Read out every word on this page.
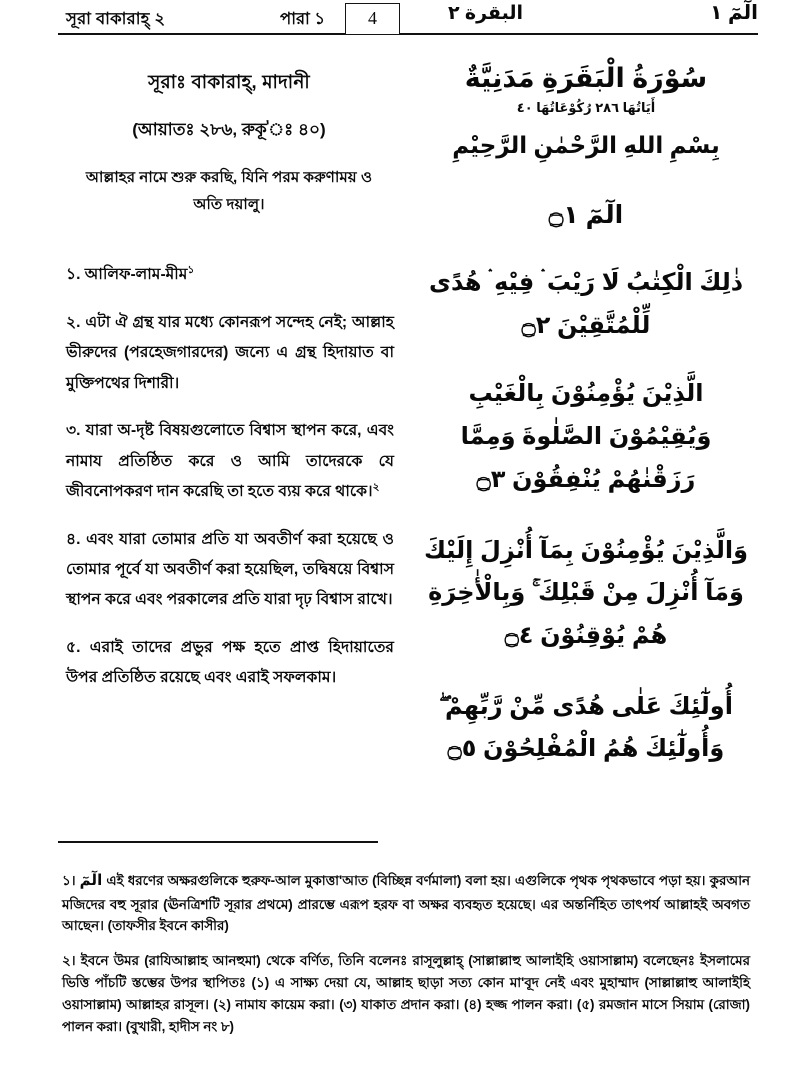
সূরা বাকারাহ্ ২	পারা ১	4	البقرة ٢	الٓمٓ ١
সূরাঃ বাকারাহ্, মাদানী
(আয়াতঃ ২৮৬, রুকূ'ঃ ৪০)
আল্লাহর নামে শুরু করছি, যিনি পরম করুণাময় ও অতি দয়ালু।

১. আলিফ-লাম-মীম$^১$

২. এটা ঐ গ্রন্থ যার মধ্যে কোনরূপ সন্দেহ নেই; আল্লাহ ভীরুদের (পরহেজগারদের) জন্যে এ গ্রন্থ হিদায়াত বা মুক্তিপথের দিশারী।

৩. যারা অ-দৃষ্ট বিষয়গুলোতে বিশ্বাস স্থাপন করে, এবং নামায প্রতিষ্ঠিত করে ও আমি তাদেরকে যে জীবনোপকরণ দান করেছি তা হতে ব্যয় করে থাকে।$^২$

৪. এবং যারা তোমার প্রতি যা অবতীর্ণ করা হয়েছে ও তোমার পূর্বে যা অবতীর্ণ করা হয়েছিল, তদ্বিষয়ে বিশ্বাস স্থাপন করে এবং পরকালের প্রতি যারা দৃঢ় বিশ্বাস রাখে।

৫. এরাই তাদের প্রভুর পক্ষ হতে প্রাপ্ত হিদায়াতের উপর প্রতিষ্ঠিত রয়েছে এবং এরাই সফলকাম।

سُوْرَةُ الْبَقَرَةِ مَدَنِيَّةٌ
أَيَاتُهَا ٢٨٦ رُكُوْعَاتُهَا ٤٠
بِسْمِ اللهِ الرَّحْمٰنِ الرَّحِيْمِ

الٓمٓ ۝١

ذٰلِكَ الْكِتٰبُ لَا رَيْبَ ۛ فِيْهِ ۛ هُدًى لِّلْمُتَّقِيْنَ ۝٢

الَّذِيْنَ يُؤْمِنُوْنَ بِالْغَيْبِ وَيُقِيْمُوْنَ الصَّلٰوةَ وَمِمَّا رَزَقْنٰهُمْ يُنْفِقُوْنَ ۝٣

وَالَّذِيْنَ يُؤْمِنُوْنَ بِمَآ أُنْزِلَ إِلَيْكَ وَمَآ أُنْزِلَ مِنْ قَبْلِكَ ۚ وَبِالْأٰخِرَةِ هُمْ يُوْقِنُوْنَ ۝٤

أُولٰٓئِكَ عَلٰى هُدًى مِّنْ رَّبِّهِمْ ۖ وَأُولٰٓئِكَ هُمُ الْمُفْلِحُوْنَ ۝٥

১। الٓمٓ এই ধরণের অক্ষরগুলিকে হুরুফ-আল মুকাত্তা'আত (বিচ্ছিন্ন বর্ণমালা) বলা হয়। এগুলিকে পৃথক পৃথকভাবে পড়া হয়। কুরআন মজিদের বহু সূরার (ঊনত্রিশটি সূরার প্রথমে) প্রারম্ভে এরূপ হরফ বা অক্ষর ব্যবহৃত হয়েছে। এর অন্তর্নিহিত তাৎপর্য আল্লাহই অবগত আছেন। (তাফসীর ইবনে কাসীর)

২। ইবনে উমর (রাযিআল্লাহ আনহুমা) থেকে বর্ণিত, তিনি বলেনঃ রাসূলুল্লাহ্ (সাল্লাল্লাহু আলাইহি ওয়াসাল্লাম) বলেছেনঃ ইসলামের ভিত্তি পাঁচটি স্তম্ভের উপর স্থাপিতঃ (১) এ সাক্ষ্য দেয়া যে, আল্লাহ ছাড়া সত্য কোন মা'বূদ নেই এবং মুহাম্মাদ (সাল্লাল্লাহু আলাইহি ওয়াসাল্লাম) আল্লাহর রাসূল। (২) নামায কায়েম করা। (৩) যাকাত প্রদান করা। (৪) হজ্জ পালন করা। (৫) রমজান মাসে সিয়াম (রোজা) পালন করা। (বুখারী, হাদীস নং ৮)
